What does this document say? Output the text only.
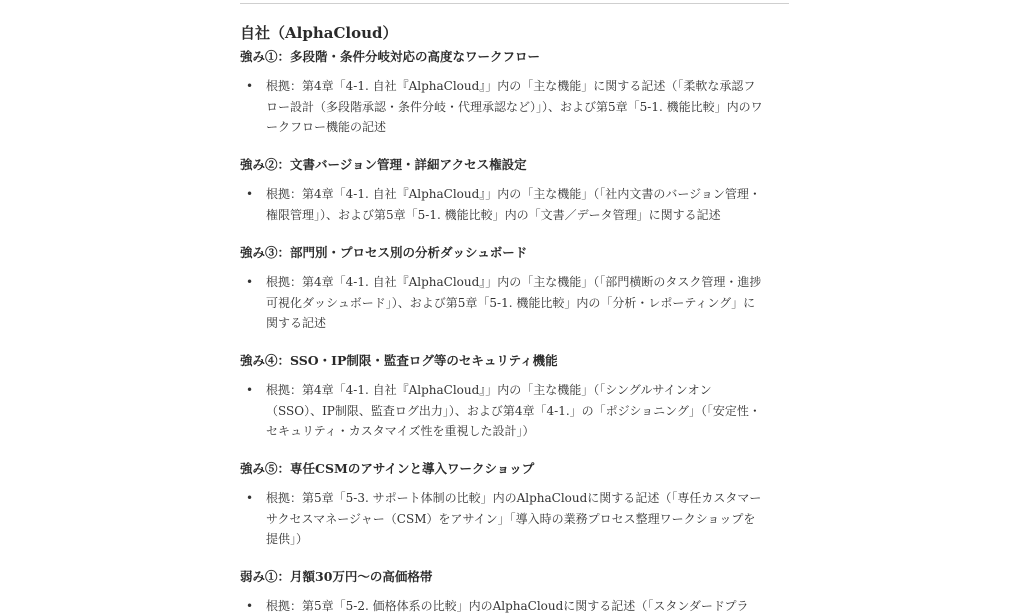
自社（AlphaCloud）
強み①：多段階・条件分岐対応の高度なワークフロー
• 根拠：第4章「4-1. 自社『AlphaCloud』」内の「主な機能」に関する記述（「柔軟な承認フロー設計（多段階承認・条件分岐・代理承認など）」）、および第5章「5-1. 機能比較」内のワークフロー機能の記述
強み②：文書バージョン管理・詳細アクセス権設定
• 根拠：第4章「4-1. 自社『AlphaCloud』」内の「主な機能」（「社内文書のバージョン管理・権限管理」）、および第5章「5-1. 機能比較」内の「文書／データ管理」に関する記述
強み③：部門別・プロセス別の分析ダッシュボード
• 根拠：第4章「4-1. 自社『AlphaCloud』」内の「主な機能」（「部門横断のタスク管理・進捗可視化ダッシュボード」）、および第5章「5-1. 機能比較」内の「分析・レポーティング」に関する記述
強み④：SSO・IP制限・監査ログ等のセキュリティ機能
• 根拠：第4章「4-1. 自社『AlphaCloud』」内の「主な機能」（「シングルサインオン（SSO）、IP制限、監査ログ出力」）、および第4章「4-1.」の「ポジショニング」（「安定性・セキュリティ・カスタマイズ性を重視した設計」）
強み⑤：専任CSMのアサインと導入ワークショップ
• 根拠：第5章「5-3. サポート体制の比較」内のAlphaCloudに関する記述（「専任カスタマーサクセスマネージャー（CSM）をアサイン」「導入時の業務プロセス整理ワークショップを提供」）
弱み①：月額30万円〜の高価格帯
• 根拠：第5章「5-2. 価格体系の比較」内のAlphaCloudに関する記述（「スタンダードプラ
